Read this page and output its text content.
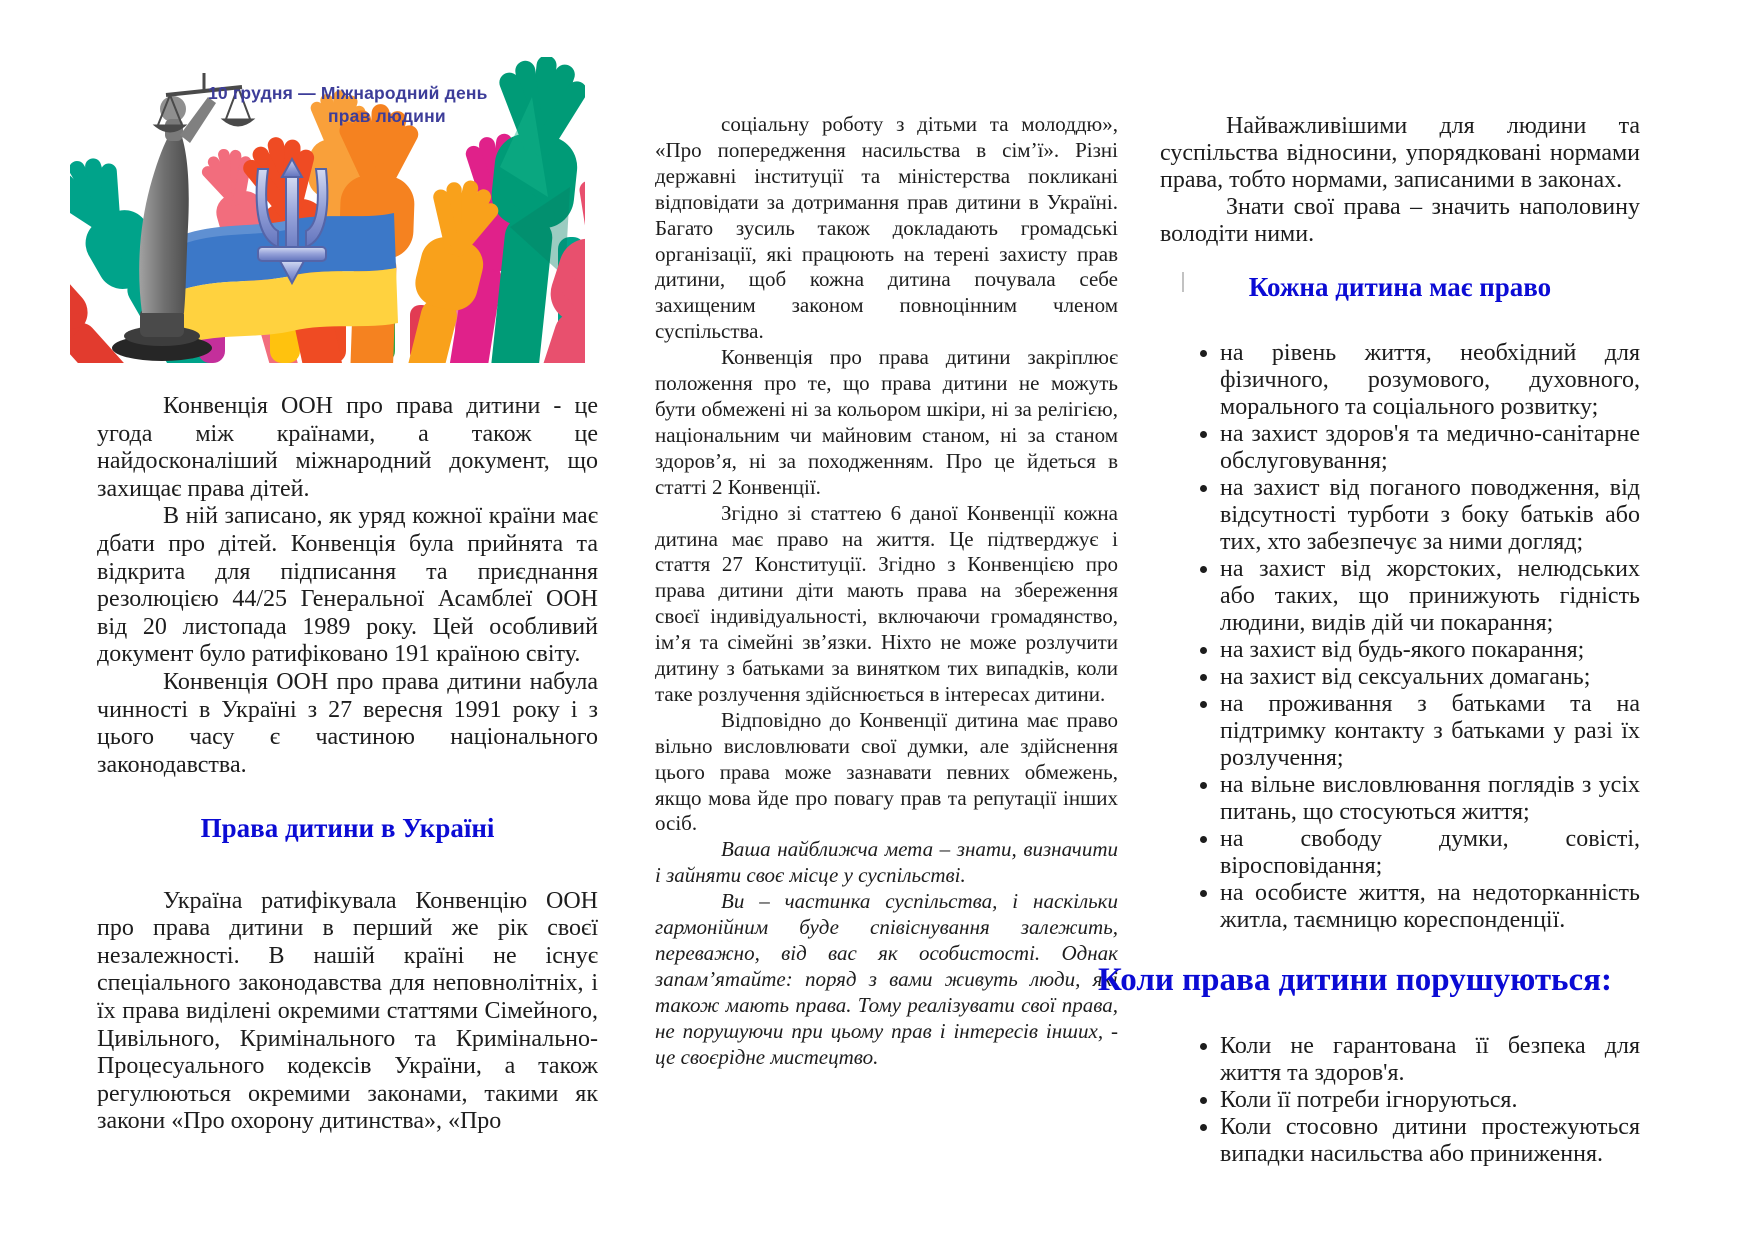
10 грудня — Міжнародний день
прав людини

Конвенція ООН про права дитини - це угода між країнами, а також це найдосконаліший міжнародний документ, що захищає права дітей.

В ній записано, як уряд кожної країни має дбати про дітей. Конвенція була прийнята та відкрита для підписання та приєднання резолюцією 44/25 Генеральної Асамблеї ООН від 20 листопада 1989 року. Цей особливий документ було ратифіковано 191 країною світу.

Конвенція ООН про права дитини набула чинності в Україні з 27 вересня 1991 року і з цього часу є частиною національного законодавства.

Права дитини в Україні

Україна ратифікувала Конвенцію ООН про права дитини в перший же рік своєї незалежності. В нашій країні не існує спеціального законодавства для неповнолітніх, і їх права виділені окремими статтями Сімейного, Цивільного, Кримінального та Кримінально-Процесуального кодексів України, а також регулюються окремими законами, такими як закони «Про охорону дитинства», «Про

соціальну роботу з дітьми та молоддю», «Про попередження насильства в сім’ї». Різні державні інституції та міністерства покликані відповідати за дотримання прав дитини в Україні. Багато зусиль також докладають громадські організації, які працюють на терені захисту прав дитини, щоб кожна дитина почувала себе захищеним законом повноцінним членом суспільства.

Конвенція про права дитини закріплює положення про те, що права дитини не можуть бути обмежені ні за кольором шкіри, ні за релігією, національним чи майновим станом, ні за станом здоров’я, ні за походженням. Про це йдеться в статті 2 Конвенції.

Згідно зі статтею 6 даної Конвенції кожна дитина має право на життя. Це підтверджує і стаття 27 Конституції. Згідно з Конвенцією про права дитини діти мають права на збереження своєї індивідуальності, включаючи громадянство, ім’я та сімейні зв’язки. Ніхто не може розлучити дитину з батьками за винятком тих випадків, коли таке розлучення здійснюється в інтересах дитини.

Відповідно до Конвенції дитина має право вільно висловлювати свої думки, але здійснення цього права може зазнавати певних обмежень, якщо мова йде про повагу прав та репутації інших осіб.

Ваша найближча мета – знати, визначити і зайняти своє місце у суспільстві.

Ви – частинка суспільства, і наскільки гармонійним буде співіснування залежить, переважно, від вас як особистості. Однак запам’ятайте: поряд з вами живуть люди, які також мають права. Тому реалізувати свої права, не порушуючи при цьому прав і інтересів інших, - це своєрідне мистецтво.

Найважливішими для людини та суспільства відносини, упорядковані нормами права, тобто нормами, записаними в законах.

Знати свої права – значить наполовину володіти ними.

Кожна дитина має право
• на рівень життя, необхідний для фізичного, розумового, духовного, морального та соціального розвитку;
• на захист здоров'я та медично-санітарне обслуговування;
• на захист від поганого поводження, від відсутності турботи з боку батьків або тих, хто забезпечує за ними догляд;
• на захист від жорстоких, нелюдських або таких, що принижують гідність людини, видів дій чи покарання;
• на захист від будь-якого покарання;
• на захист від сексуальних домагань;
• на проживання з батьками та на підтримку контакту з батьками у разі їх розлучення;
• на вільне висловлювання поглядів з усіх питань, що стосуються життя;
• на свободу думки, совісті, віросповідання;
• на особисте життя, на недоторканність житла, таємницю кореспонденції.
Коли права дитини порушуються:
• Коли не гарантована її безпека для життя та здоров'я.
• Коли її потреби ігноруються.
• Коли стосовно дитини простежуються випадки насильства або приниження.
